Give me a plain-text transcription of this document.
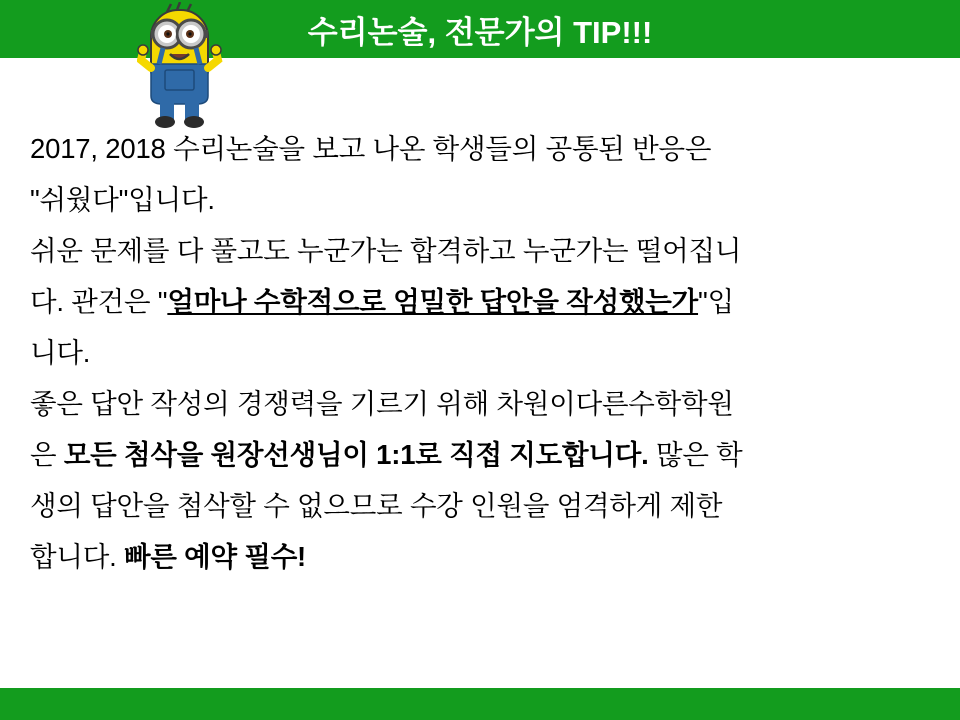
수리논술, 전문가의 TIP!!!
2017, 2018 수리논술을 보고 나온 학생들의 공통된 반응은
"쉬웠다"입니다.
쉬운 문제를 다 풀고도 누군가는 합격하고 누군가는 떨어집니
다. 관건은 "얼마나 수학적으로 엄밀한 답안을 작성했는가"입
니다.
좋은 답안 작성의 경쟁력을 기르기 위해 차원이다른수학학원
은 모든 첨삭을 원장선생님이 1:1로 직접 지도합니다. 많은 학
생의 답안을 첨삭할 수 없으므로 수강 인원을 엄격하게 제한
합니다. 빠른 예약 필수!
